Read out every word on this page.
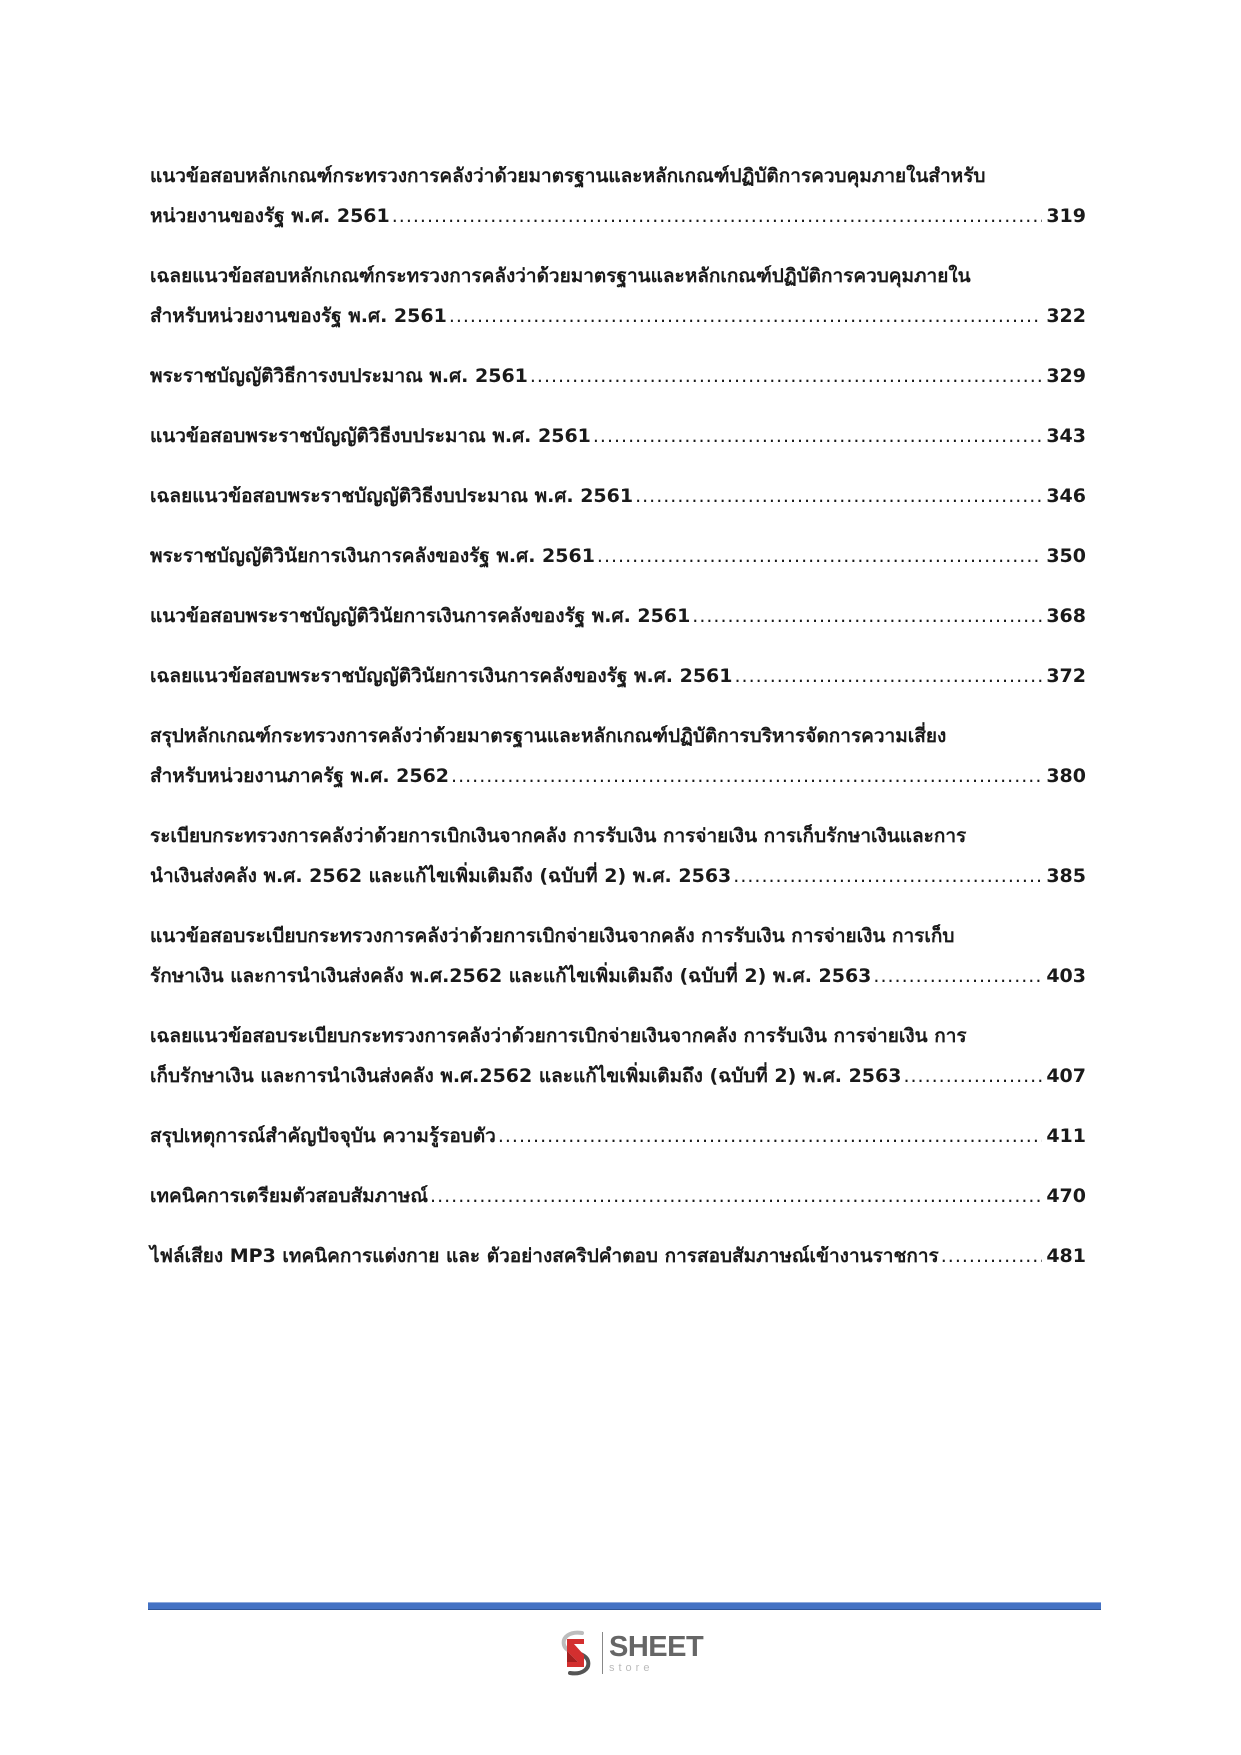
แนวข้อสอบหลักเกณฑ์กระทรวงการคลังว่าด้วยมาตรฐานและหลักเกณฑ์ปฏิบัติการควบคุมภายในสำหรับ
หน่วยงานของรัฐ พ.ศ. 2561 .....	319
เฉลยแนวข้อสอบหลักเกณฑ์กระทรวงการคลังว่าด้วยมาตรฐานและหลักเกณฑ์ปฏิบัติการควบคุมภายใน
สำหรับหน่วยงานของรัฐ พ.ศ. 2561 .....	322
พระราชบัญญัติวิธีการงบประมาณ พ.ศ. 2561 .....	329
แนวข้อสอบพระราชบัญญัติวิธีงบประมาณ พ.ศ. 2561 .....	343
เฉลยแนวข้อสอบพระราชบัญญัติวิธีงบประมาณ พ.ศ. 2561 .....	346
พระราชบัญญัติวินัยการเงินการคลังของรัฐ พ.ศ. 2561 .....	350
แนวข้อสอบพระราชบัญญัติวินัยการเงินการคลังของรัฐ พ.ศ. 2561 .....	368
เฉลยแนวข้อสอบพระราชบัญญัติวินัยการเงินการคลังของรัฐ พ.ศ. 2561 .....	372
สรุปหลักเกณฑ์กระทรวงการคลังว่าด้วยมาตรฐานและหลักเกณฑ์ปฏิบัติการบริหารจัดการความเสี่ยง
สำหรับหน่วยงานภาครัฐ พ.ศ. 2562 .....	380
ระเบียบกระทรวงการคลังว่าด้วยการเบิกเงินจากคลัง การรับเงิน การจ่ายเงิน การเก็บรักษาเงินและการ
นำเงินส่งคลัง พ.ศ. 2562 และแก้ไขเพิ่มเติมถึง (ฉบับที่ 2) พ.ศ. 2563 .....	385
แนวข้อสอบระเบียบกระทรวงการคลังว่าด้วยการเบิกจ่ายเงินจากคลัง การรับเงิน การจ่ายเงิน การเก็บ
รักษาเงิน และการนำเงินส่งคลัง พ.ศ.2562 และแก้ไขเพิ่มเติมถึง (ฉบับที่ 2) พ.ศ. 2563 .....	403
เฉลยแนวข้อสอบระเบียบกระทรวงการคลังว่าด้วยการเบิกจ่ายเงินจากคลัง การรับเงิน การจ่ายเงิน การ
เก็บรักษาเงิน และการนำเงินส่งคลัง พ.ศ.2562 และแก้ไขเพิ่มเติมถึง (ฉบับที่ 2) พ.ศ. 2563 .....	407
สรุปเหตุการณ์สำคัญปัจจุบัน ความรู้รอบตัว .....	411
เทคนิคการเตรียมตัวสอบสัมภาษณ์ .....	470
ไฟล์เสียง MP3 เทคนิคการแต่งกาย และ ตัวอย่างสคริปคำตอบ การสอบสัมภาษณ์เข้างานราชการ .....	481
SHEET
store
